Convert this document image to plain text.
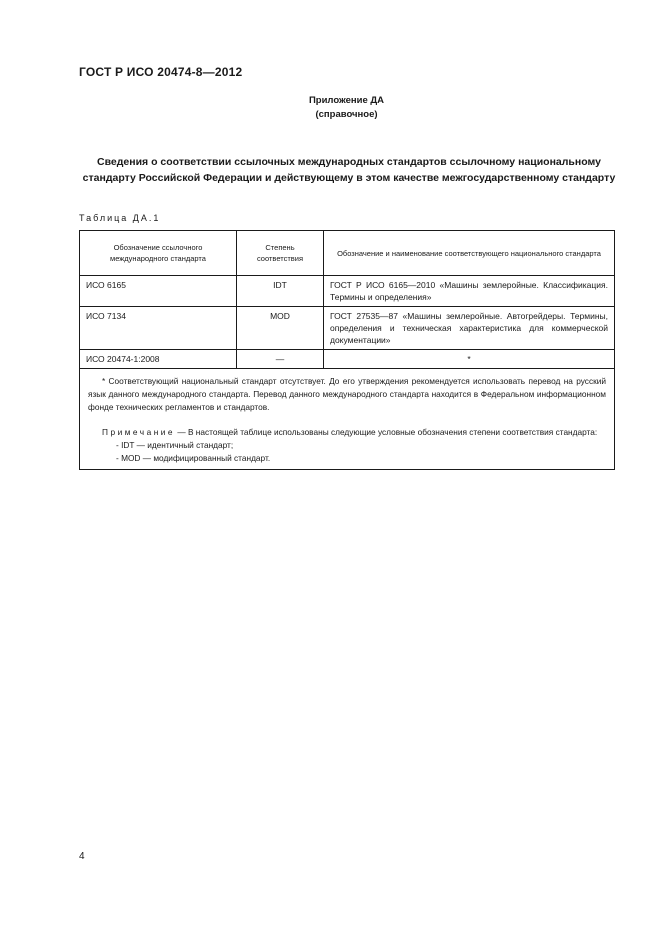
ГОСТ Р ИСО 20474-8—2012
Приложение ДА
(справочное)
Сведения о соответствии ссылочных международных стандартов ссылочному национальному стандарту Российской Федерации и действующему в этом качестве межгосударственному стандарту
Таблица ДА.1
Обозначение ссылочного международного стандарта	Степень соответствия	Обозначение и наименование соответствующего национального стандарта
ИСО 6165	IDT	ГОСТ Р ИСО 6165—2010 «Машины землеройные. Классификация. Термины и определения»
ИСО 7134	MOD	ГОСТ 27535—87 «Машины землеройные. Автогрейдеры. Термины, определения и техническая характеристика для коммерческой документации»
ИСО 20474-1:2008	—	*

* Соответствующий национальный стандарт отсутствует. До его утверждения рекомендуется использовать перевод на русский язык данного международного стандарта. Перевод данного международного стандарта находится в Федеральном информационном фонде технических регламентов и стандартов.

Примечание — В настоящей таблице использованы следующие условные обозначения степени соответствия стандарта:

- IDT — идентичный стандарт;

- MOD — модифицированный стандарт.		

4
